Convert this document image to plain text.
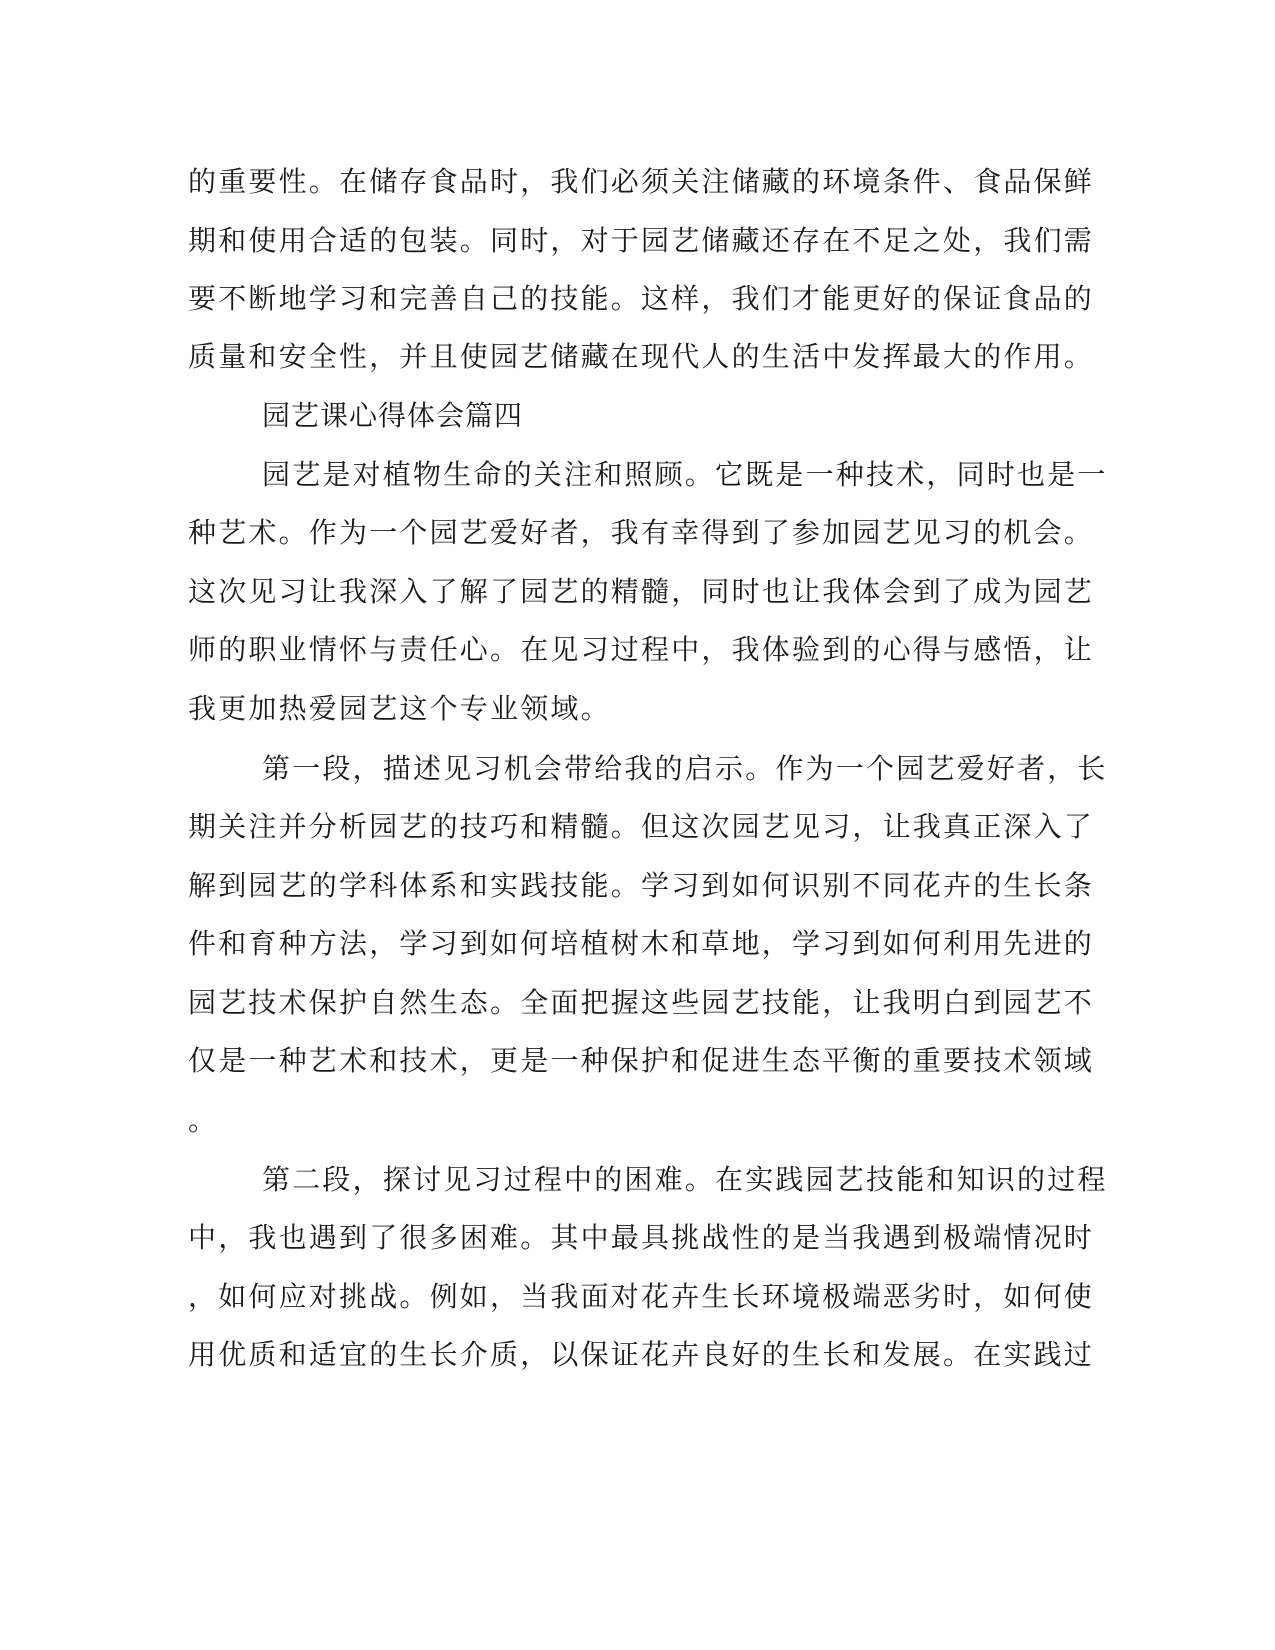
的重要性。在储存食品时，我们必须关注储藏的环境条件、食品保鲜
期和使用合适的包装。同时，对于园艺储藏还存在不足之处，我们需
要不断地学习和完善自己的技能。这样，我们才能更好的保证食品的
质量和安全性，并且使园艺储藏在现代人的生活中发挥最大的作用。
园艺课心得体会篇四
园艺是对植物生命的关注和照顾。它既是一种技术，同时也是一
种艺术。作为一个园艺爱好者，我有幸得到了参加园艺见习的机会。
这次见习让我深入了解了园艺的精髓，同时也让我体会到了成为园艺
师的职业情怀与责任心。在见习过程中，我体验到的心得与感悟，让
我更加热爱园艺这个专业领域。
第一段，描述见习机会带给我的启示。作为一个园艺爱好者，长
期关注并分析园艺的技巧和精髓。但这次园艺见习，让我真正深入了
解到园艺的学科体系和实践技能。学习到如何识别不同花卉的生长条
件和育种方法，学习到如何培植树木和草地，学习到如何利用先进的
园艺技术保护自然生态。全面把握这些园艺技能，让我明白到园艺不
仅是一种艺术和技术，更是一种保护和促进生态平衡的重要技术领域
。
第二段，探讨见习过程中的困难。在实践园艺技能和知识的过程
中，我也遇到了很多困难。其中最具挑战性的是当我遇到极端情况时
，如何应对挑战。例如，当我面对花卉生长环境极端恶劣时，如何使
用优质和适宜的生长介质，以保证花卉良好的生长和发展。在实践过
